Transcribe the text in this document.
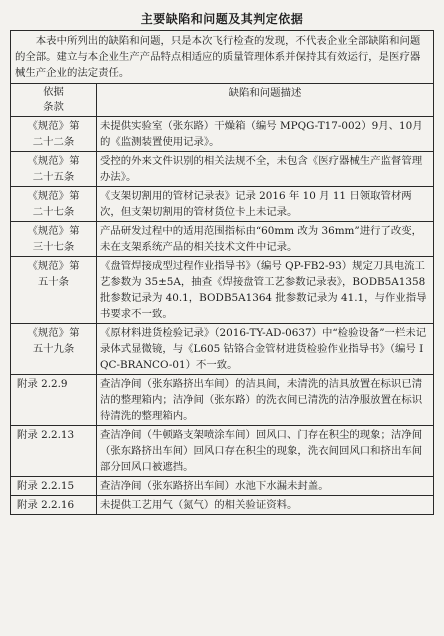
主要缺陷和问题及其判定依据
本表中所列出的缺陷和问题，只是本次飞行检查的发现，不代表企业全部缺陷和问题的全部。建立与本企业生产产品特点相适应的质量管理体系并保持其有效运行，是医疗器械生产企业的法定责任。	

依据
条款	缺陷和问题描述

《规范》第
二十二条	未提供实验室（张东路）干燥箱（编号 MPQG-T17-002）9月、10月的《监测装置使用记录》。

《规范》第
二十五条	受控的外来文件识别的相关法规不全，未包含《医疗器械生产监督管理办法》。

《规范》第
二十七条	《支架切割用的管材记录表》记录 2016 年 10 月 11 日领取管材两次，但支架切割用的管材货位卡上未记录。

《规范》第
三十七条	产品研发过程中的适用范围指标由“60mm 改为 36mm”进行了改变，未在支架系统产品的相关技术文件中记录。

《规范》第
五十条	《盘管焊接成型过程作业指导书》（编号 QP-FB2-93）规定刀具电流工艺参数为 35±5A，抽查《焊接盘管工艺参数记录表》，BODB5A1358 批参数记录为 40.1，BODB5A1364 批参数记录为 41.1，与作业指导书要求不一致。

《规范》第
五十九条	《原材料进货检验记录》（2016-TY-AD-0637）中“检验设备”一栏未记录体式显微镜，与《L605 钴铬合金管材进货检验作业指导书》（编号 IQC-BRANCO-01）不一致。

附录 2.2.9	查洁净间（张东路挤出车间）的洁具间，未清洗的洁具放置在标识已清洁的整理箱内；洁净间（张东路）的洗衣间已清洗的洁净服放置在标识待清洗的整理箱内。

附录 2.2.13	查洁净间（牛顿路支架喷涂车间）回风口、门存在积尘的现象；洁净间（张东路挤出车间）回风口存在积尘的现象，洗衣间回风口和挤出车间部分回风口被遮挡。

附录 2.2.15	查洁净间（张东路挤出车间）水池下水漏未封盖。

附录 2.2.16	未提供工艺用气（氮气）的相关验证资料。
